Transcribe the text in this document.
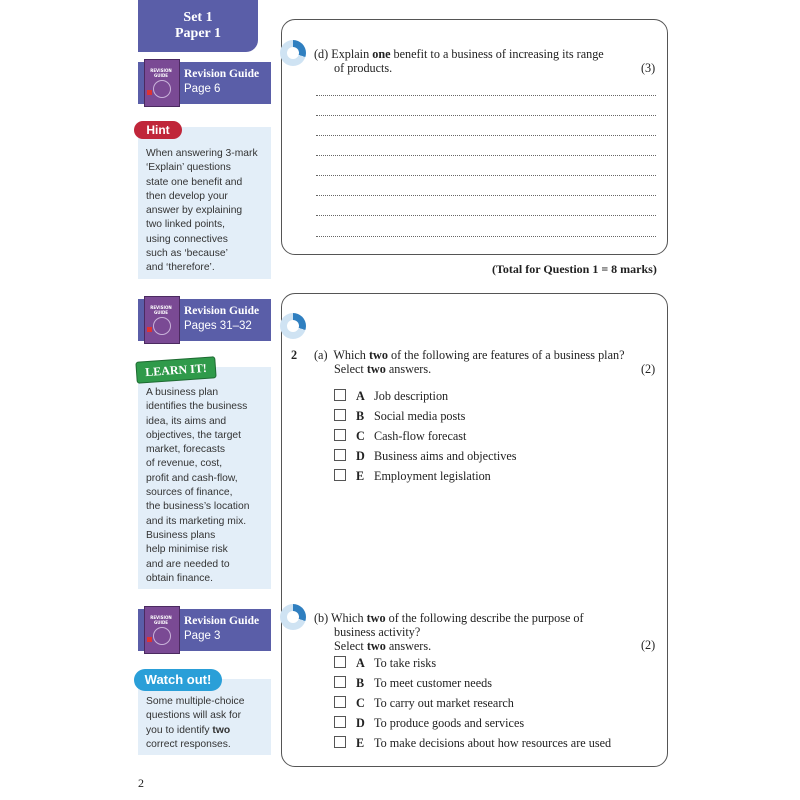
Set 1
Paper 1
REVISION GUIDE	Revision Guide
Page 6
When answering 3-mark
‘Explain’ questions
state one benefit and
then develop your
answer by explaining
two linked points,
using connectives
such as ‘because’
and ‘therefore’.
Hint
REVISION GUIDE	Revision Guide
Pages 31–32
A business plan
identifies the business
idea, its aims and
objectives, the target
market, forecasts
of revenue, cost,
profit and cash-flow,
sources of finance,
the business’s location
and its marketing mix.
Business plans
help minimise risk
and are needed to
obtain finance.
LEARN IT!
REVISION GUIDE	Revision Guide
Page 3
Some multiple-choice
questions will ask for
you to identify two
correct responses.
Watch out!
(d) Explain one benefit to a business of increasing its range
of products.	(3)
(Total for Question 1 = 8 marks)
2 (a) Which two of the following are features of a business plan?
Select two answers.	(2)
A Job description
B Social media posts
C Cash-flow forecast
D Business aims and objectives
E Employment legislation
(b) Which two of the following describe the purpose of
business activity?
Select two answers.	(2)
A To take risks
B To meet customer needs
C To carry out market research
D To produce goods and services
E To make decisions about how resources are used
2
